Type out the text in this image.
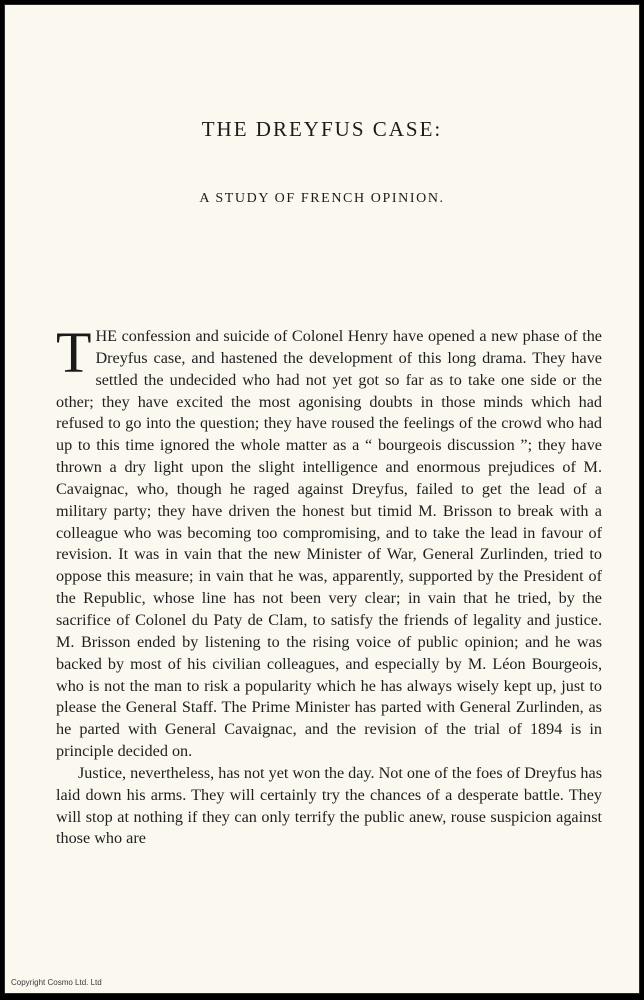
THE DREYFUS CASE:
A STUDY OF FRENCH OPINION.

THE confession and suicide of Colonel Henry have opened a new phase of the Dreyfus case, and hastened the development of this long drama. They have settled the undecided who had not yet got so far as to take one side or the other; they have excited the most agonising doubts in those minds which had refused to go into the question; they have roused the feelings of the crowd who had up to this time ignored the whole matter as a “ bourgeois discussion ”; they have thrown a dry light upon the slight intelligence and enormous prejudices of M. Cavaignac, who, though he raged against Dreyfus, failed to get the lead of a military party; they have driven the honest but timid M. Brisson to break with a colleague who was becoming too compromising, and to take the lead in favour of revision. It was in vain that the new Minister of War, General Zurlinden, tried to oppose this measure; in vain that he was, apparently, supported by the President of the Republic, whose line has not been very clear; in vain that he tried, by the sacrifice of Colonel du Paty de Clam, to satisfy the friends of legality and justice. M. Brisson ended by listening to the rising voice of public opinion; and he was backed by most of his civilian colleagues, and especially by M. Léon Bourgeois, who is not the man to risk a popularity which he has always wisely kept up, just to please the General Staff. The Prime Minister has parted with General Zurlinden, as he parted with General Cavaignac, and the revision of the trial of 1894 is in principle decided on.

Justice, nevertheless, has not yet won the day. Not one of the foes of Dreyfus has laid down his arms. They will certainly try the chances of a desperate battle. They will stop at nothing if they can only terrify the public anew, rouse suspicion against those who are

Copyright Cosmo Ltd. Ltd
